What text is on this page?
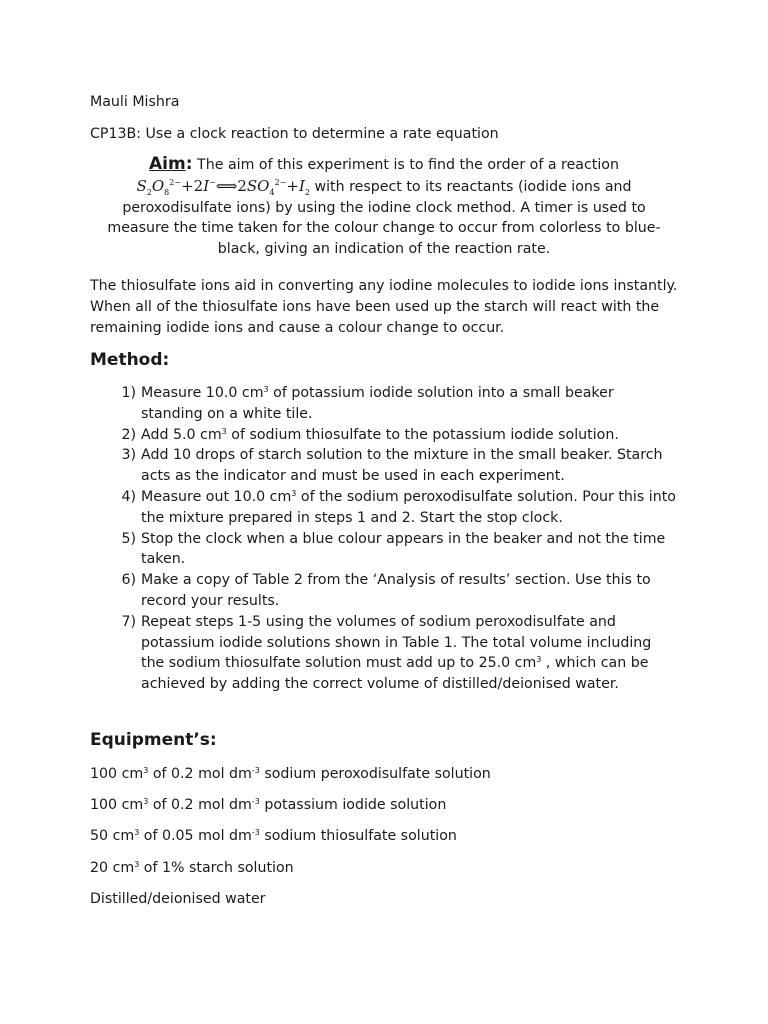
Mauli Mishra

CP13B: Use a clock reaction to determine a rate equation

Aim: The aim of this experiment is to find the order of a reaction
$S_2O_8^{2-}+2I^-⟺2SO_4^{2-}+I_2$ with respect to its reactants (iodide ions and peroxodisulfate ions) by using the iodine clock method. A timer is used to measure the time taken for the colour change to occur from colorless to blue-black, giving an indication of the reaction rate.

The thiosulfate ions aid in converting any iodine molecules to iodide ions instantly. When all of the thiosulfate ions have been used up the starch will react with the remaining iodide ions and cause a colour change to occur.

Method:

1) Measure 10.0 $cm^3$ of potassium iodide solution into a small beaker standing on a white tile.
2) Add 5.0 $cm^3$ of sodium thiosulfate to the potassium iodide solution.
3) Add 10 drops of starch solution to the mixture in the small beaker. Starch acts as the indicator and must be used in each experiment.
4) Measure out 10.0 $cm^3$ of the sodium peroxodisulfate solution. Pour this into the mixture prepared in steps 1 and 2. Start the stop clock.
5) Stop the clock when a blue colour appears in the beaker and not the time taken.
6) Make a copy of Table 2 from the ‘Analysis of results’ section. Use this to record your results.
7) Repeat steps 1-5 using the volumes of sodium peroxodisulfate and potassium iodide solutions shown in Table 1. The total volume including the sodium thiosulfate solution must add up to 25.0 $cm^3$ , which can be achieved by adding the correct volume of distilled/deionised water.

Equipment’s:

100 $cm^3$ of 0.2 mol $dm^{-3}$ sodium peroxodisulfate solution
100 $cm^3$ of 0.2 mol $dm^{-3}$ potassium iodide solution
50 $cm^3$ of 0.05 mol $dm^{-3}$ sodium thiosulfate solution
20 $cm^3$ of 1% starch solution
Distilled/deionised water
